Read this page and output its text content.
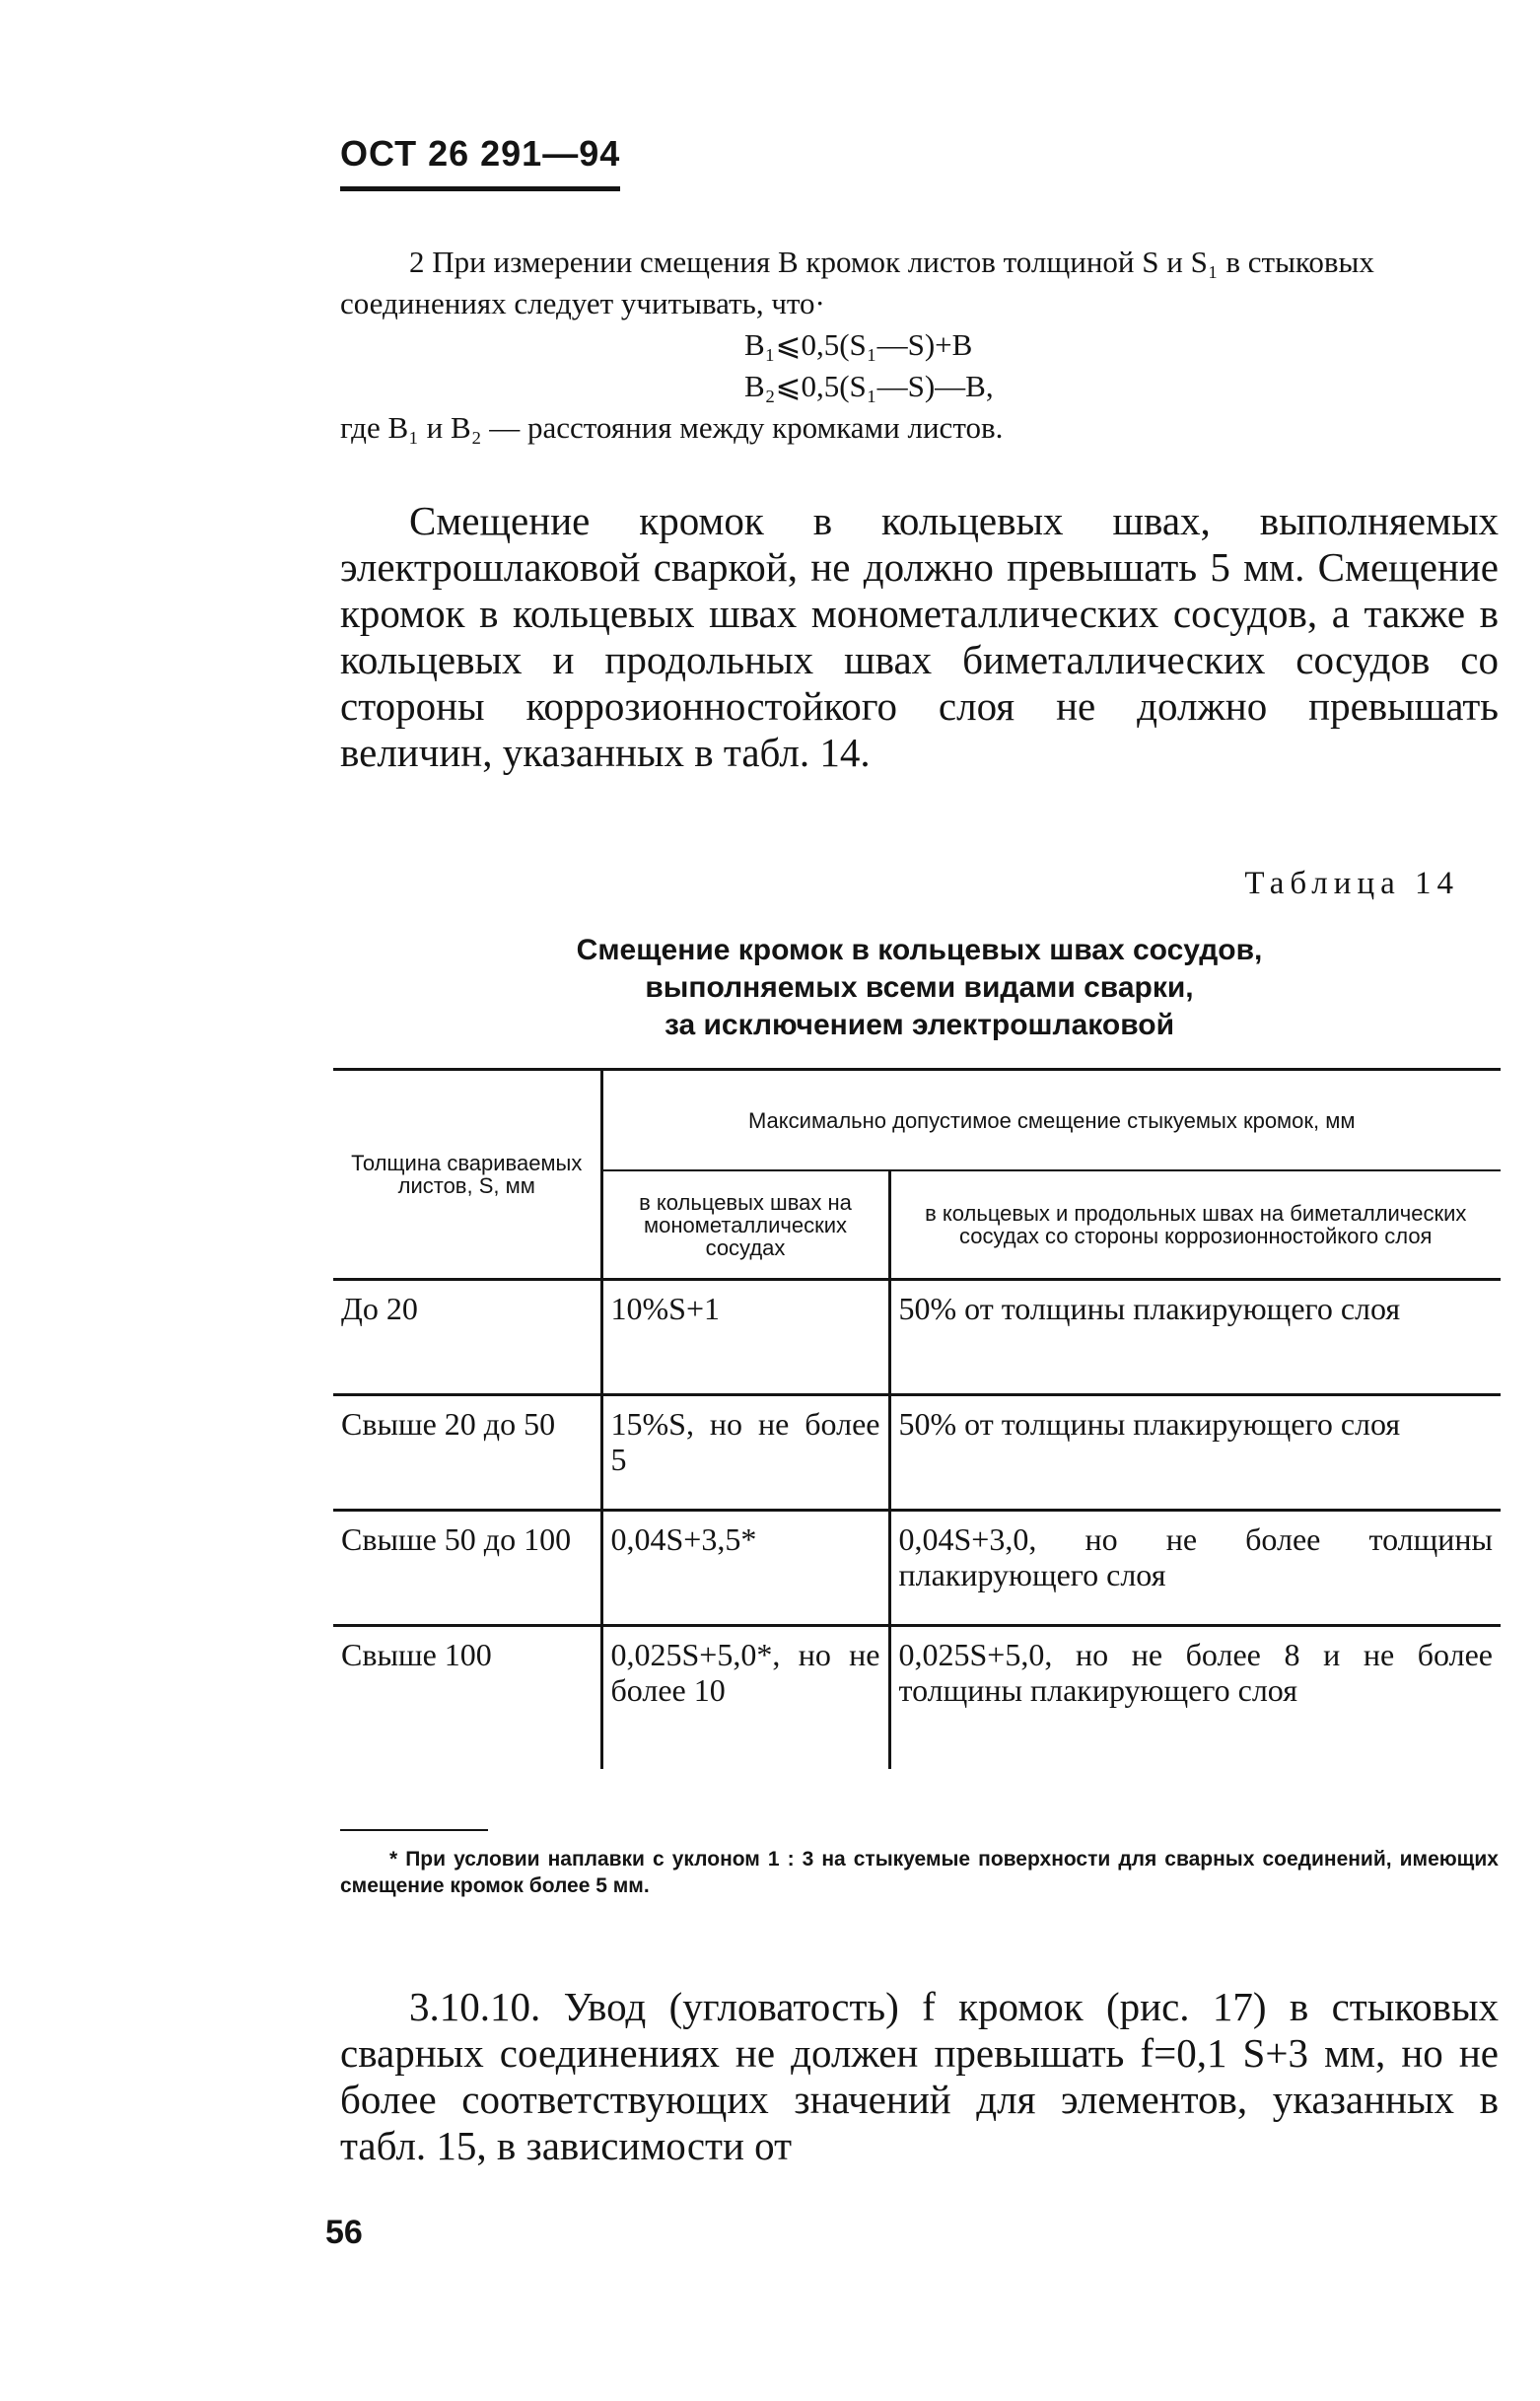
ОСТ 26 291—94

2 При измерении смещения В кромок листов толщиной S и S₁ в стыковых соединениях следует учитывать, что·

B₁⩽0,5(S₁—S)+B

B₂⩽0,5(S₁—S)—B,

где B₁ и B₂ — расстояния между кромками листов.

Смещение кромок в кольцевых швах, выполняемых электрошлаковой сваркой, не должно превышать 5 мм. Смещение кромок в кольцевых швах монометаллических сосудов, а также в кольцевых и продольных швах биметаллических сосудов со стороны коррозионностойкого слоя не должно превышать величин, указанных в табл. 14.

Таблица 14
Смещение кромок в кольцевых швах сосудов,
выполняемых всеми видами сварки,
за исключением электрошлаковой
Толщина свариваемых листов, S, мм	Максимально допустимое смещение стыкуемых кромок, мм	
	в кольцевых швах на монометаллических сосудах	в кольцевых и продольных швах на биметаллических сосудах со стороны коррозионностойкого слоя
До 20	10%S+1	50% от толщины плакирующего слоя
Свыше 20 до 50	15%S, но не более 5	50% от толщины плакирующего слоя
Свыше 50 до 100	0,04S+3,5*	0,04S+3,0, но не более толщины плакирующего слоя
Свыше 100	0,025S+5,0*, но не более 10	0,025S+5,0, но не более 8 и не более толщины плакирующего слоя

* При условии наплавки с уклоном 1 : 3 на стыкуемые поверхности для сварных соединений, имеющих смещение кромок более 5 мм.

3.10.10. Увод (угловатость) f кромок (рис. 17) в стыковых сварных соединениях не должен превышать f=0,1 S+3 мм, но не более соответствующих значений для элементов, указанных в табл. 15, в зависимости от

56
